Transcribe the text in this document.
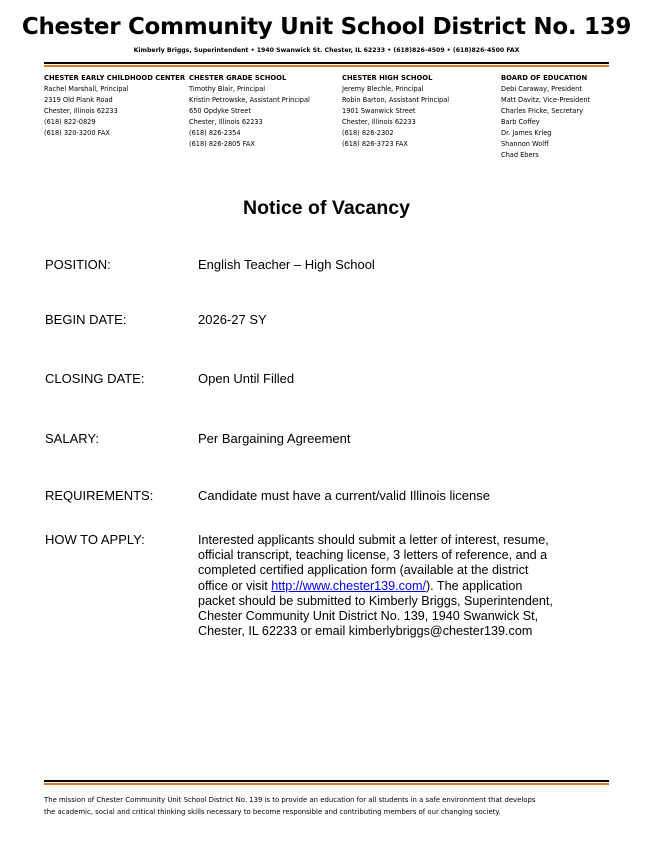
Chester Community Unit School District No. 139
Kimberly Briggs, Superintendent • 1940 Swanwick St. Chester, IL 62233 • (618)826-4509 • (618)826-4500 FAX
CHESTER EARLY CHILDHOOD CENTER
Rachel Marshall, Principal
2319 Old Plank Road
Chester, Illinois 62233
(618) 822-0829
(618) 320-3200 FAX
CHESTER GRADE SCHOOL
Timothy Blair, Principal
Kristin Petrowske, Assistant Principal
650 Opdyke Street
Chester, Illinois 62233
(618) 826-2354
(618) 826-2805 FAX
CHESTER HIGH SCHOOL
Jeremy Blechle, Principal
Robin Barton, Assistant Principal
1901 Swanwick Street
Chester, Illinois 62233
(618) 826-2302
(618) 826-3723 FAX
BOARD OF EDUCATION
Debi Caraway, President
Matt Davitz, Vice-President
Charles Fricke, Secretary
Barb Coffey
Dr. James Krieg
Shannon Wolff
Chad Ebers
Notice of Vacancy
POSITION:	English Teacher – High School
BEGIN DATE:	2026-27 SY
CLOSING DATE:	Open Until Filled
SALARY:	Per Bargaining Agreement
REQUIREMENTS:	Candidate must have a current/valid Illinois license
HOW TO APPLY:	Interested applicants should submit a letter of interest, resume,
official transcript, teaching license, 3 letters of reference, and a
completed certified application form (available at the district
office or visit http://www.chester139.com/). The application
packet should be submitted to Kimberly Briggs, Superintendent,
Chester Community Unit District No. 139, 1940 Swanwick St,
Chester, IL 62233 or email kimberlybriggs@chester139.com
The mission of Chester Community Unit School District No. 139 is to provide an education for all students in a safe environment that develops
the academic, social and critical thinking skills necessary to become responsible and contributing members of our changing society.
